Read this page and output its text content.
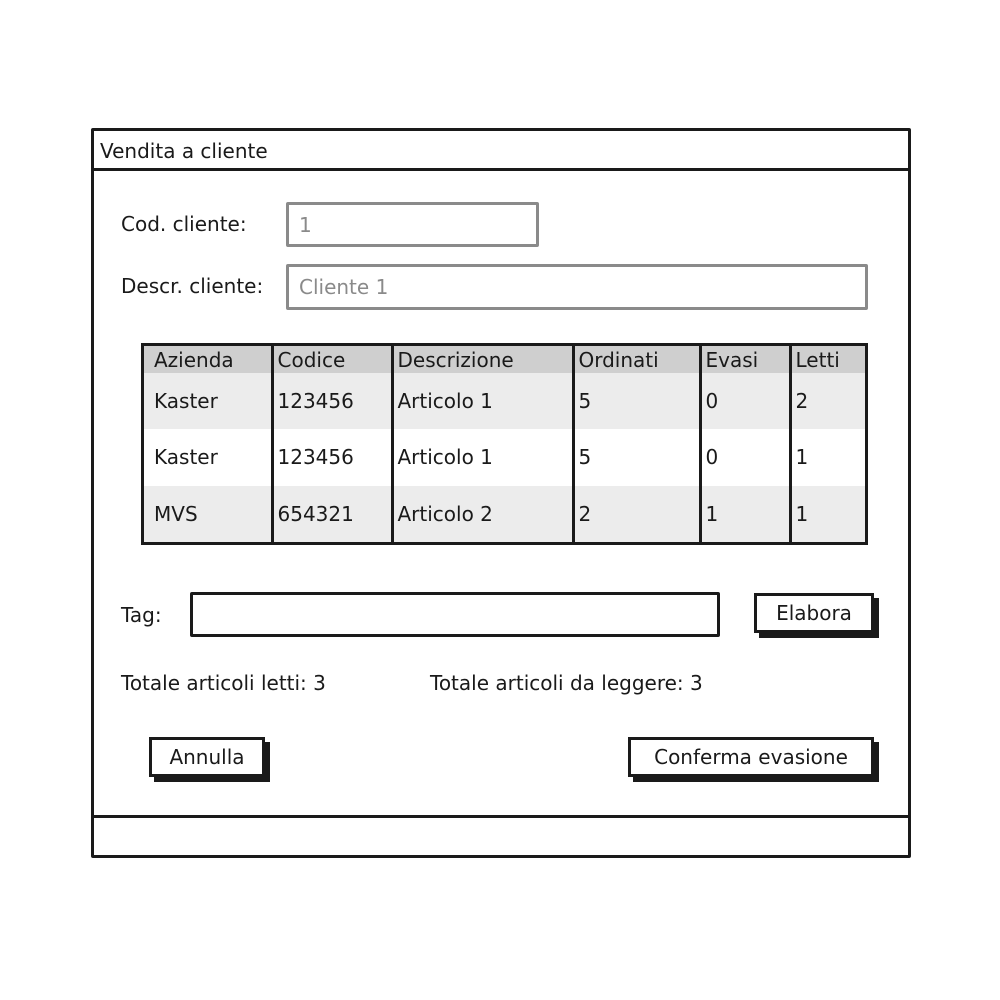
Vendita a cliente
Cod. cliente:
1
Descr. cliente:
Cliente 1
Azienda	Codice	Descrizione	Ordinati	Evasi	Letti
Kaster	123456	Articolo 1	5	0	2
Kaster	123456	Articolo 1	5	0	1
MVS	654321	Articolo 2	2	1	1
Tag:	Elabora
Totale articoli letti: 3	Totale articoli da leggere: 3
Annulla	Conferma evasione
